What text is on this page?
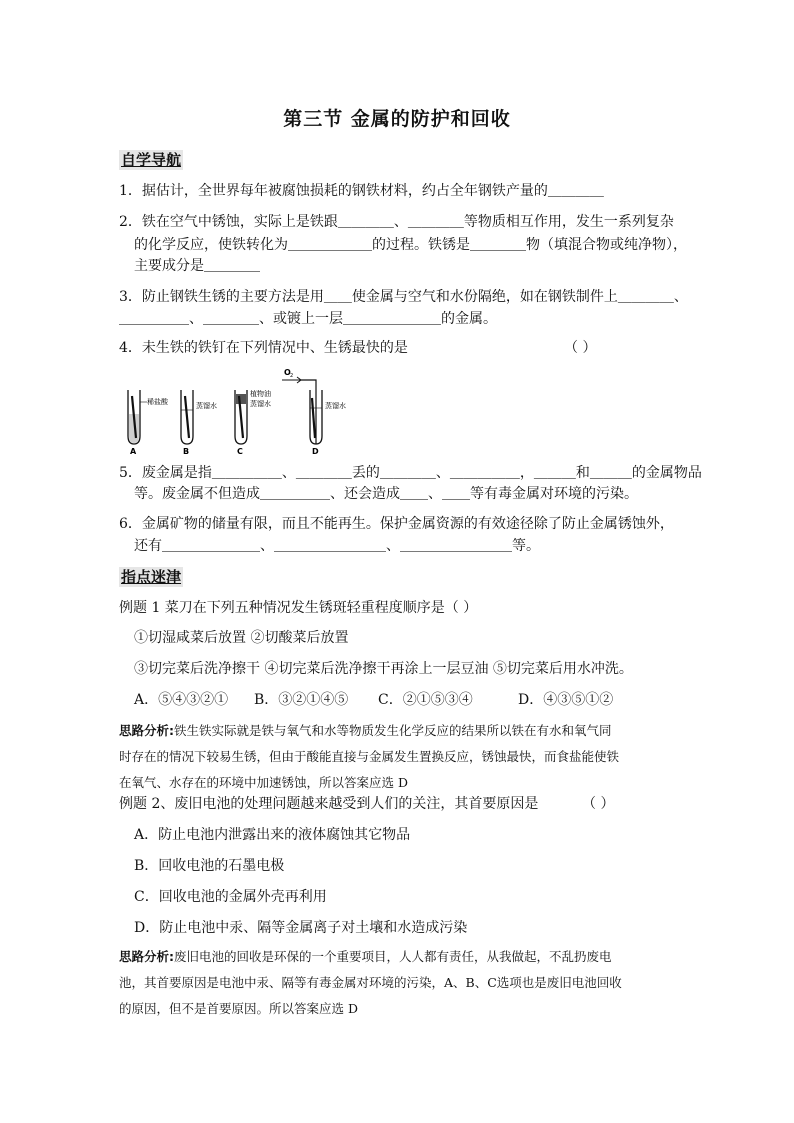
第三节 金属的防护和回收
自学导航
1．据估计，全世界每年被腐蚀损耗的钢铁材料，约占全年钢铁产量的＿＿＿＿
2．铁在空气中锈蚀，实际上是铁跟＿＿＿＿、＿＿＿＿等物质相互作用，发生一系列复杂
的化学反应，使铁转化为＿＿＿＿＿＿的过程。铁锈是＿＿＿＿物（填混合物或纯净物），
主要成分是＿＿＿＿
3．防止钢铁生锈的主要方法是用＿＿使金属与空气和水份隔绝，如在钢铁制件上＿＿＿＿、
＿＿＿＿＿、＿＿＿＿、或镀上一层＿＿＿＿＿＿＿的金属。
4．未生铁的铁钉在下列情况中、生锈最快的是	（ ）
O 2
稀盐酸
A
蒸馏水
B
植物油
蒸馏水
C
蒸馏水
D
5．废金属是指＿＿＿＿＿、＿＿＿＿丢的＿＿＿＿、＿＿＿＿＿，＿＿＿和＿＿＿的金属物品
等。废金属不但造成＿＿＿＿＿、还会造成＿＿、＿＿等有毒金属对环境的污染。
6．金属矿物的储量有限，而且不能再生。保护金属资源的有效途径除了防止金属锈蚀外，
还有＿＿＿＿＿＿＿、＿＿＿＿＿＿＿＿、＿＿＿＿＿＿＿＿等。
指点迷津
例题 1 菜刀在下列五种情况发生锈斑轻重程度顺序是（ ）
①切湿咸菜后放置 ②切酸菜后放置
③切完菜后洗净擦干 ④切完菜后洗净擦干再涂上一层豆油 ⑤切完菜后用水冲洗。
A．⑤④③②① B．③②①④⑤ C．②①⑤③④	D．④③⑤①②
思路分析:铁生铁实际就是铁与氧气和水等物质发生化学反应的结果所以铁在有水和氧气同
时存在的情况下较易生锈，但由于酸能直接与金属发生置换反应，锈蚀最快，而食盐能使铁
在氧气、水存在的环境中加速锈蚀，所以答案应选 D
例题 2、废旧电池的处理问题越来越受到人们的关注，其首要原因是	（ ）
A．防止电池内泄露出来的液体腐蚀其它物品
B．回收电池的石墨电极
C．回收电池的金属外壳再利用
D．防止电池中汞、隔等金属离子对土壤和水造成污染
思路分析:废旧电池的回收是环保的一个重要项目，人人都有责任，从我做起，不乱扔废电
池，其首要原因是电池中汞、隔等有毒金属对环境的污染，A、B、C选项也是废旧电池回收
的原因，但不是首要原因。所以答案应选 D
